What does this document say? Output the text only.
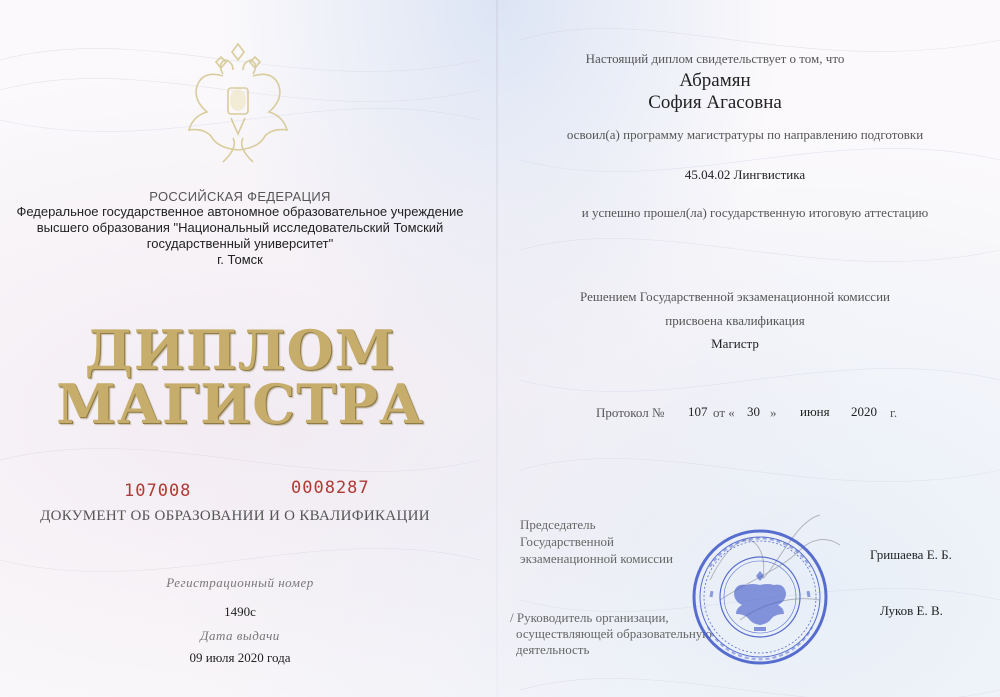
РОССИЙСКАЯ ФЕДЕРАЦИЯ
Федеральное государственное автономное образовательное учреждение
высшего образования "Национальный исследовательский Томский
государственный университет"
г. Томск
ДИПЛОМ
МАГИСТРА
107008	0008287
ДОКУМЕНТ ОБ ОБРАЗОВАНИИ И О КВАЛИФИКАЦИИ
Регистрационный номер
1490с
Дата выдачи
09 июля 2020 года
Настоящий диплом свидетельствует о том, что
Абрамян
София Агасовна
освоил(а) программу магистратуры по направлению подготовки
45.04.02 Лингвистика
и успешно прошел(ла) государственную итоговую аттестацию
Решением Государственной экзаменационной комиссии
присвоена квалификация
Магистр
Протокол № 107 от « 30 » июня 2020 г.
Председатель
Государственной
экзаменационной комиссии	Гришаева Е. Б.
/ Руководитель организации,
осуществляющей образовательную
деятельность
Луков Е. В.
